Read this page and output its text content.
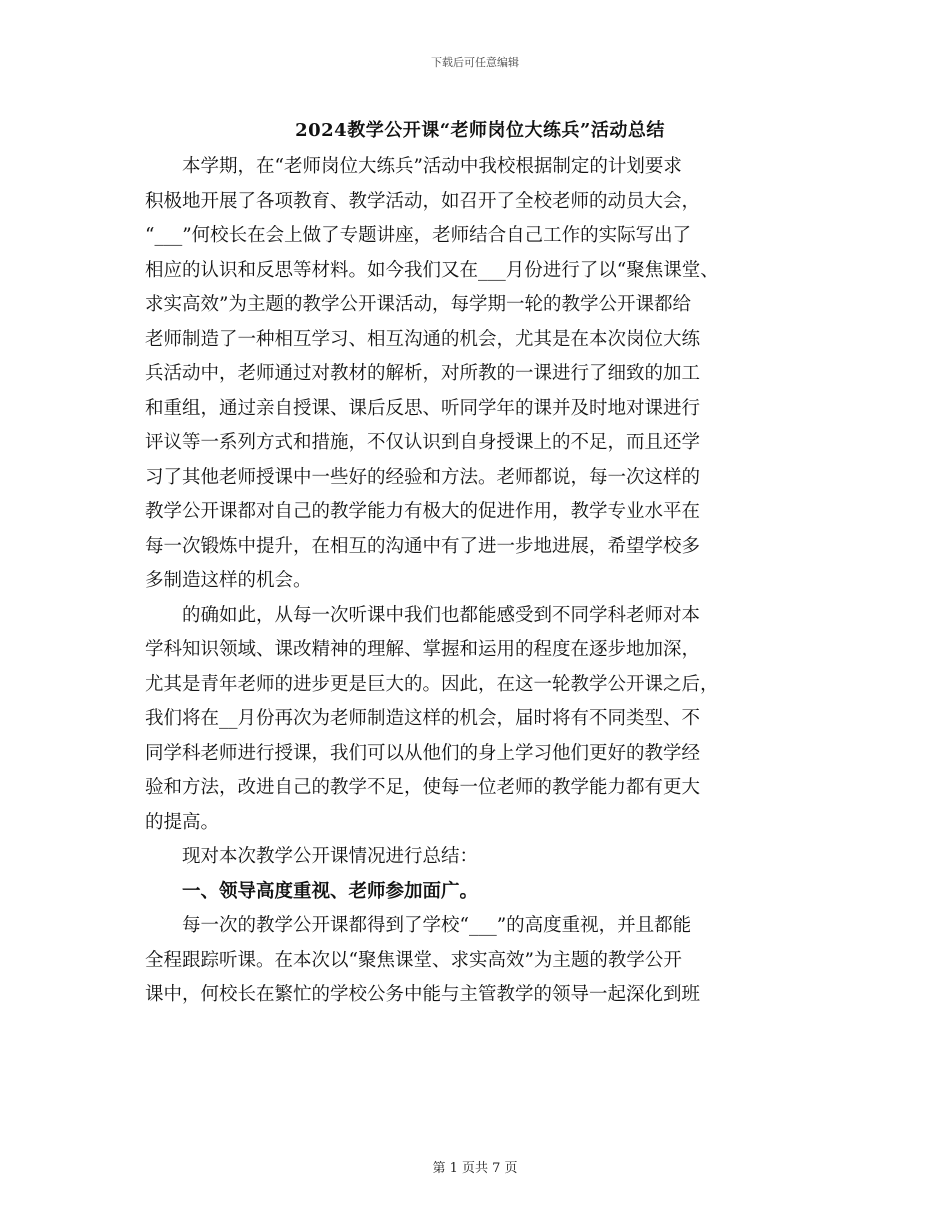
下载后可任意编辑
2024教学公开课“老师岗位大练兵”活动总结
　　本学期，在“老师岗位大练兵”活动中我校根据制定的计划要求
积极地开展了各项教育、教学活动，如召开了全校老师的动员大会，
“___”何校长在会上做了专题讲座，老师结合自己工作的实际写出了
相应的认识和反思等材料。如今我们又在___月份进行了以“聚焦课堂、
求实高效”为主题的教学公开课活动，每学期一轮的教学公开课都给
老师制造了一种相互学习、相互沟通的机会，尤其是在本次岗位大练
兵活动中，老师通过对教材的解析，对所教的一课进行了细致的加工
和重组，通过亲自授课、课后反思、听同学年的课并及时地对课进行
评议等一系列方式和措施，不仅认识到自身授课上的不足，而且还学
习了其他老师授课中一些好的经验和方法。老师都说，每一次这样的
教学公开课都对自己的教学能力有极大的促进作用，教学专业水平在
每一次锻炼中提升，在相互的沟通中有了进一步地进展，希望学校多
多制造这样的机会。
　　的确如此，从每一次听课中我们也都能感受到不同学科老师对本
学科知识领域、课改精神的理解、掌握和运用的程度在逐步地加深，
尤其是青年老师的进步更是巨大的。因此，在这一轮教学公开课之后，
我们将在__月份再次为老师制造这样的机会，届时将有不同类型、不
同学科老师进行授课，我们可以从他们的身上学习他们更好的教学经
验和方法，改进自己的教学不足，使每一位老师的教学能力都有更大
的提高。
　　现对本次教学公开课情况进行总结：
　　一、领导高度重视、老师参加面广。
　　每一次的教学公开课都得到了学校“___”的高度重视，并且都能
全程跟踪听课。在本次以“聚焦课堂、求实高效”为主题的教学公开
课中，何校长在繁忙的学校公务中能与主管教学的领导一起深化到班
第 1 页共 7 页
